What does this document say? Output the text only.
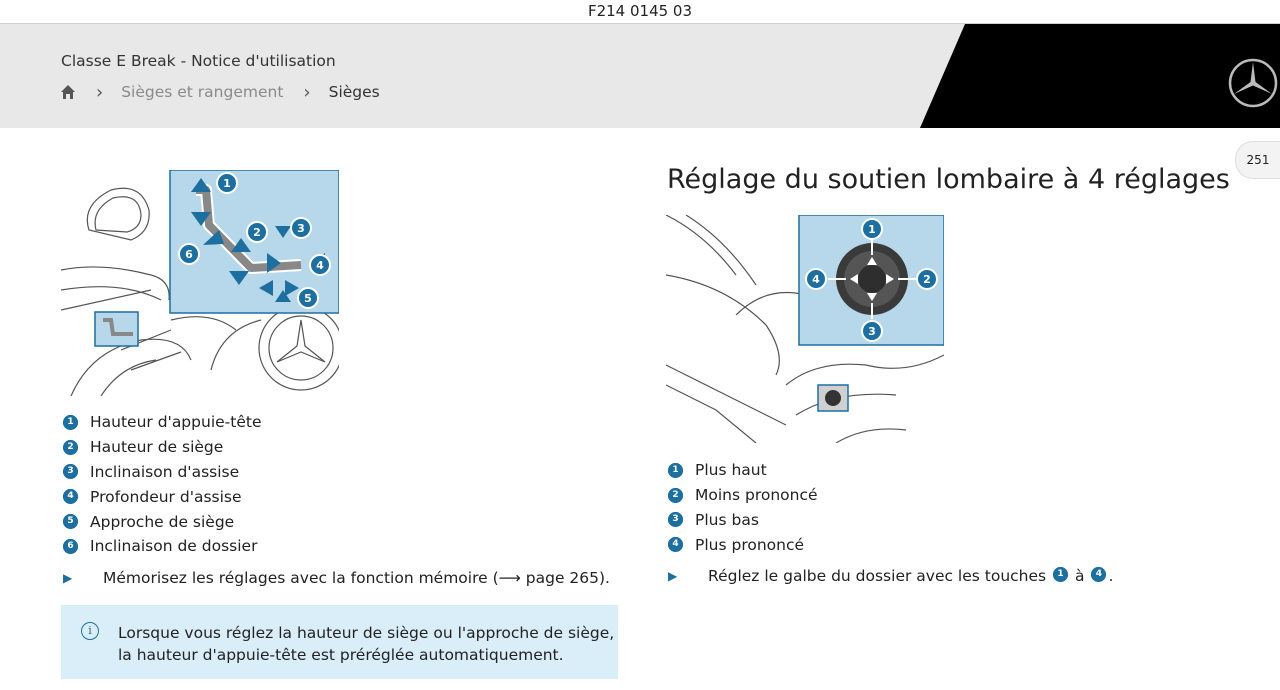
F214 0145 03
Classe E Break - Notice d'utilisation
› Sièges et rangement › Sièges
251
1
2	3
4
5
6
1 Hauteur d'appuie-tête
2 Hauteur de siège
3 Inclinaison d'assise
4 Profondeur d'assise
5 Approche de siège
6 Inclinaison de dossier
▶	Mémorisez les réglages avec la fonction mémoire (⟶ page 265).
i	Lorsque vous réglez la hauteur de siège ou l'approche de siège,
la hauteur d'appuie-tête est préréglée automatiquement.
Réglage du soutien lombaire à 4 réglages
1
2
3
4
1 Plus haut
2 Moins prononcé
3 Plus bas
4 Plus prononcé
▶	Réglez le galbe du dossier avec les touches
	1
à
	4 .
